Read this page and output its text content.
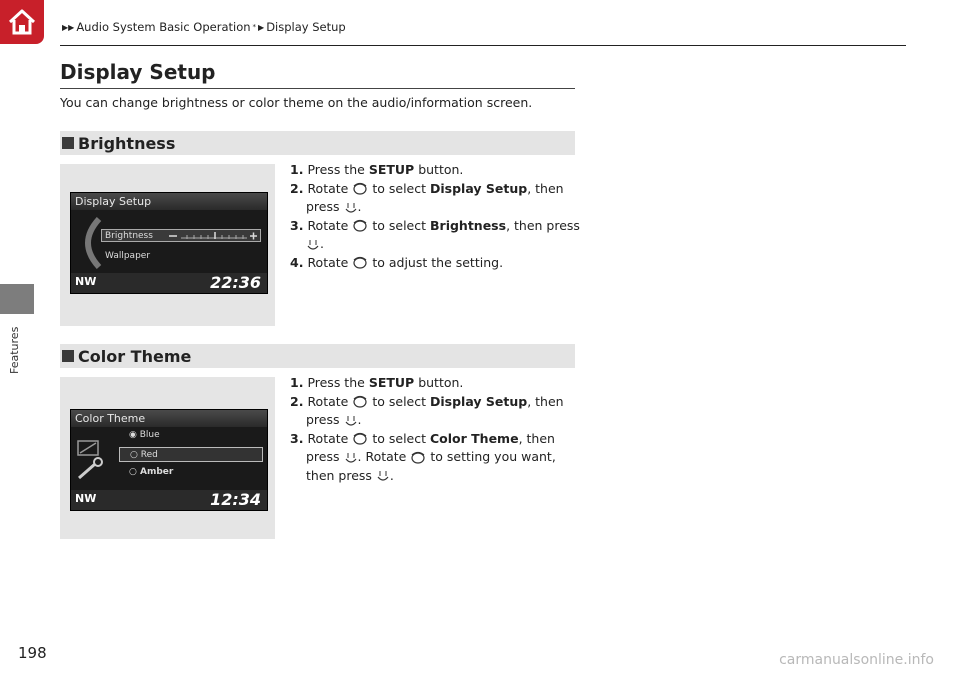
Features
▶▶ Audio System Basic Operation * ▶ Display Setup
Display Setup
You can change brightness or color theme on the audio/information screen.
Brightness
Display Setup
Brightness
Wallpaper
NW	22:36
1. Press the SETUP button.
2. Rotate to select Display Setup, then
press .
3. Rotate to select Brightness, then press
.
4. Rotate to adjust the setting.
Color Theme
Color Theme
◉ Blue
○ Red
○ Amber
NW	12:34
1. Press the SETUP button.
2. Rotate to select Display Setup, then
press .
3. Rotate to select Color Theme, then
press . Rotate to setting you want,
then press .
198	carmanualsonline.info
